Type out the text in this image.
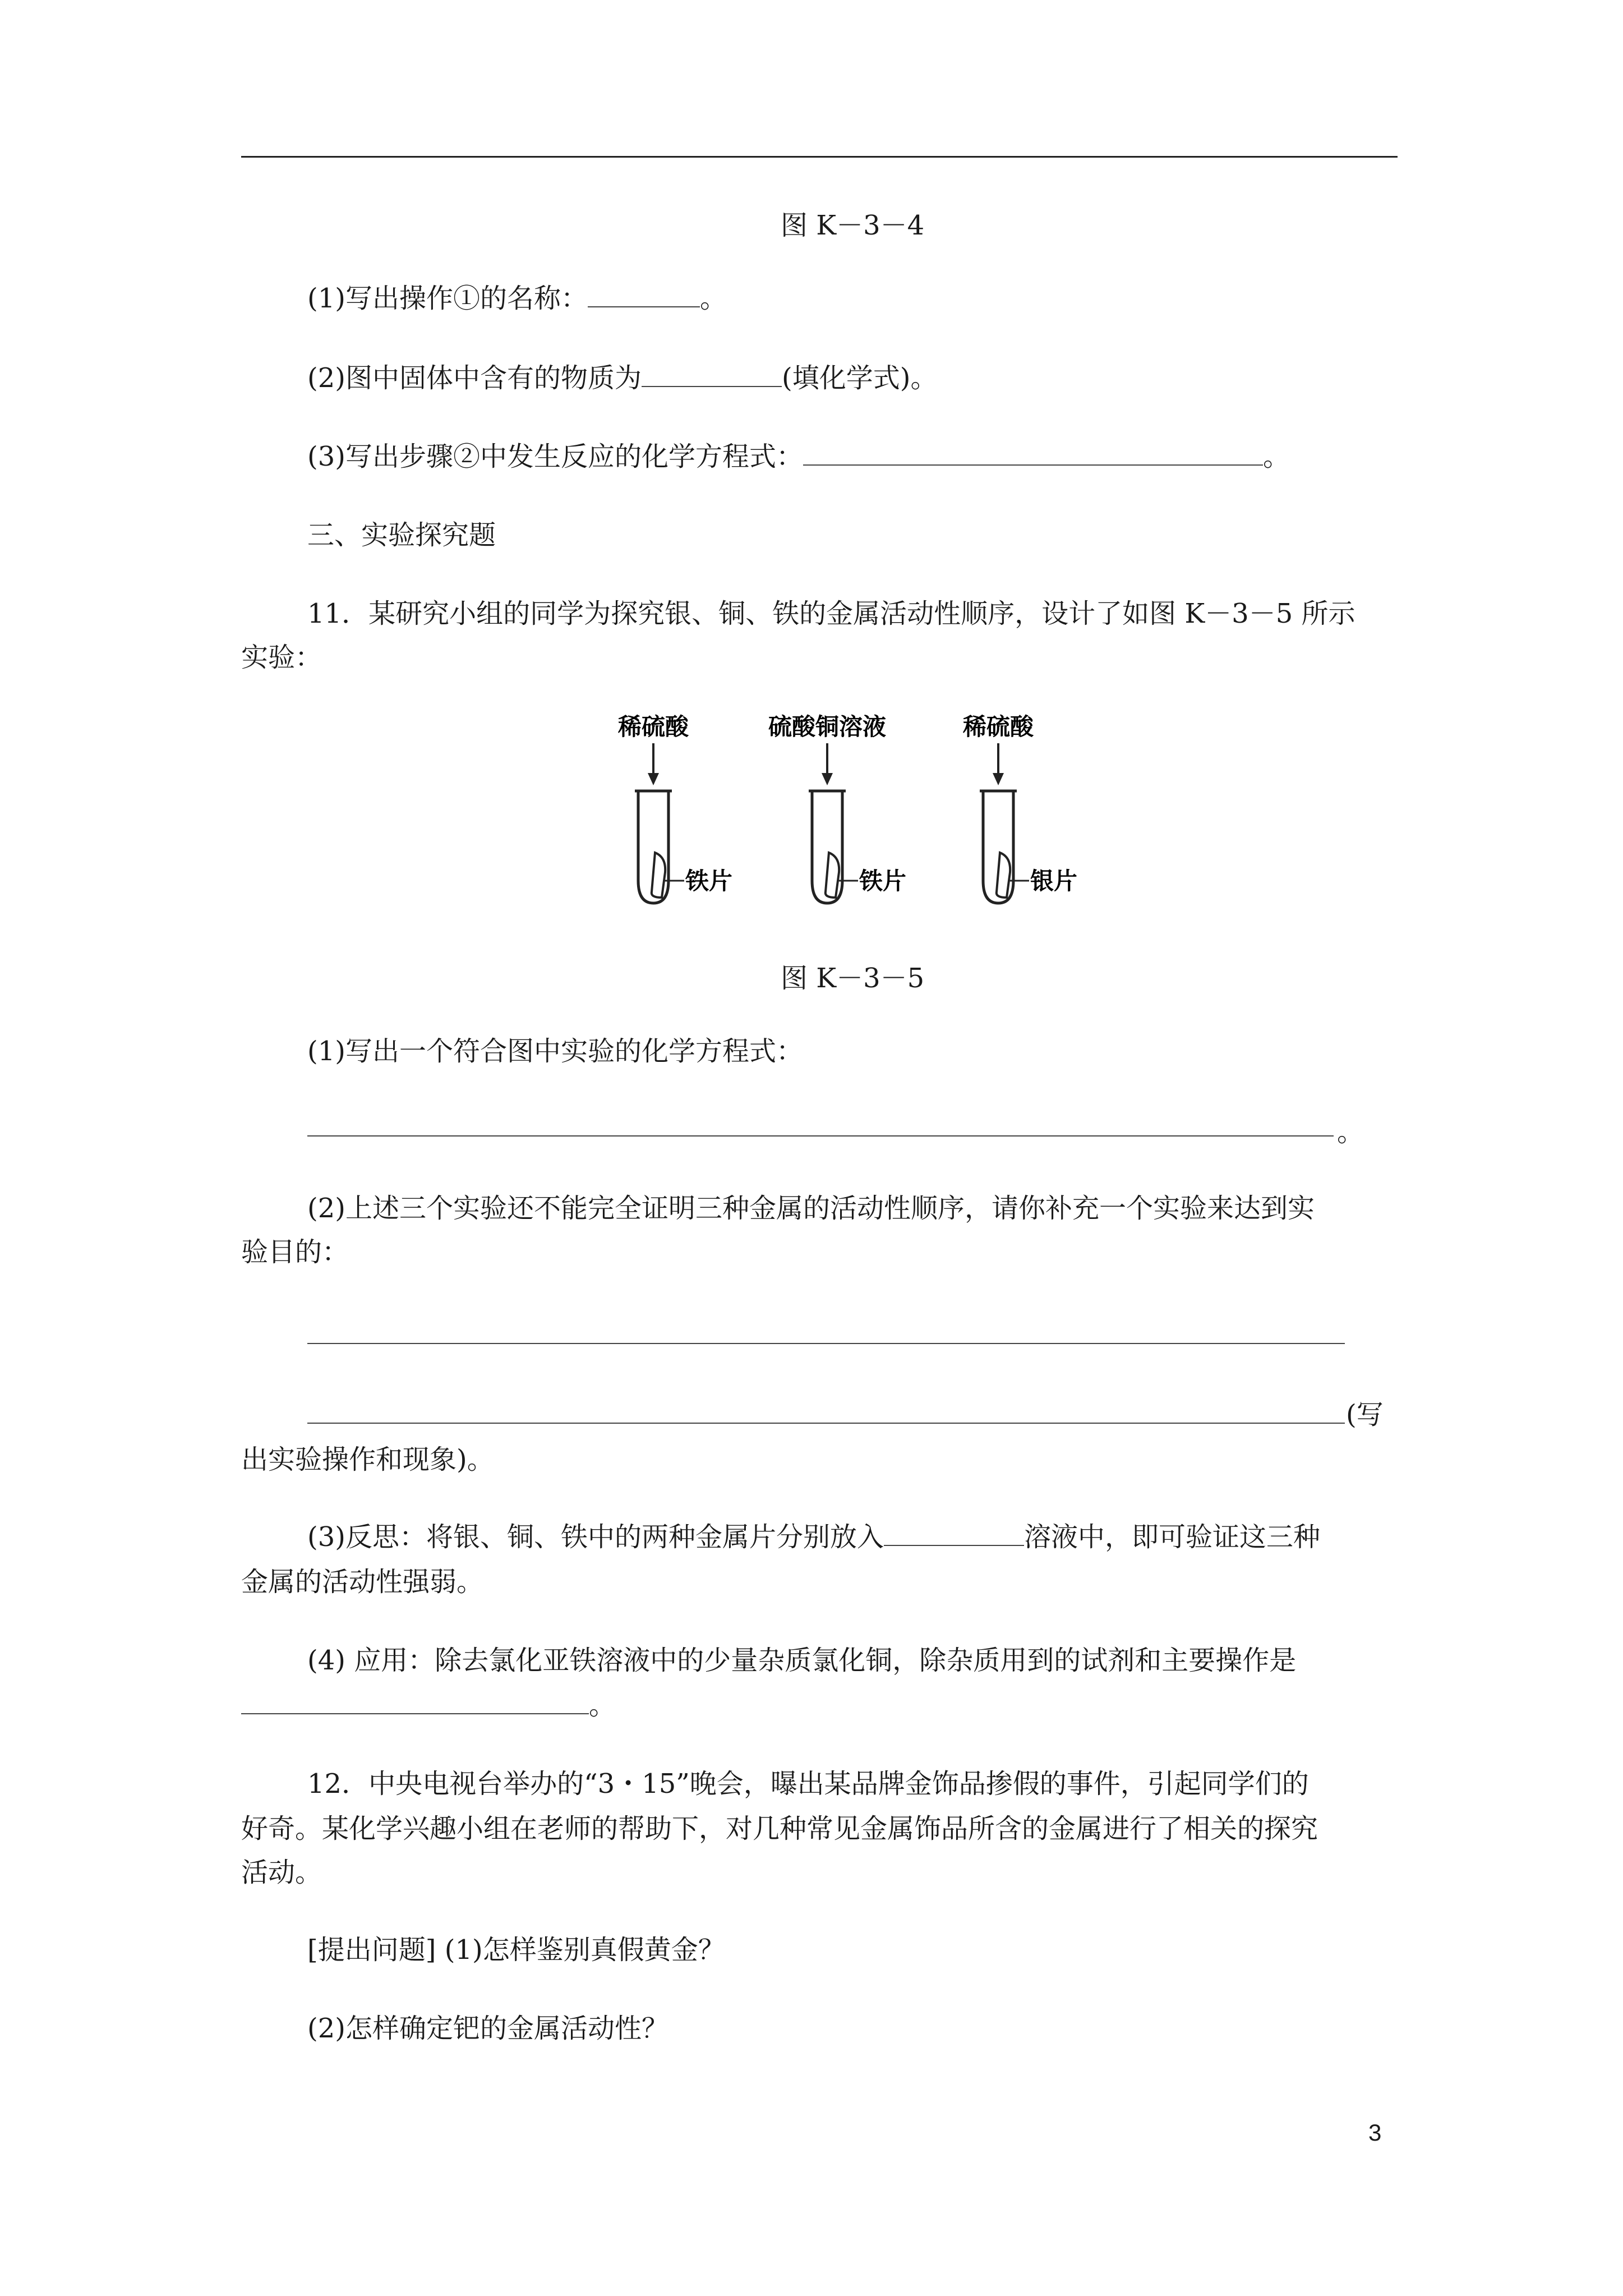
图 K－3－4
(1)写出操作①的名称：	。
(2)图中固体中含有的物质为	(填化学式)。
(3)写出步骤②中发生反应的化学方程式：	。
三、实验探究题
11．某研究小组的同学为探究银、铜、铁的金属活动性顺序，设计了如图 K－3－5 所示
实验：
稀硫酸
铁片
硫酸铜溶液
铁片
稀硫酸
银片
图 K－3－5
(1)写出一个符合图中实验的化学方程式：
。
(2)上述三个实验还不能完全证明三种金属的活动性顺序，请你补充一个实验来达到实
验目的：
(写
出实验操作和现象)。
(3)反思：将银、铜、铁中的两种金属片分别放入	溶液中，即可验证这三种
金属的活动性强弱。
(4) 应用：除去氯化亚铁溶液中的少量杂质氯化铜，除杂质用到的试剂和主要操作是
。
12．中央电视台举办的“3・15”晚会，曝出某品牌金饰品掺假的事件，引起同学们的
好奇。某化学兴趣小组在老师的帮助下，对几种常见金属饰品所含的金属进行了相关的探究
活动。
[提出问题] (1)怎样鉴别真假黄金？
(2)怎样确定钯的金属活动性？
3
